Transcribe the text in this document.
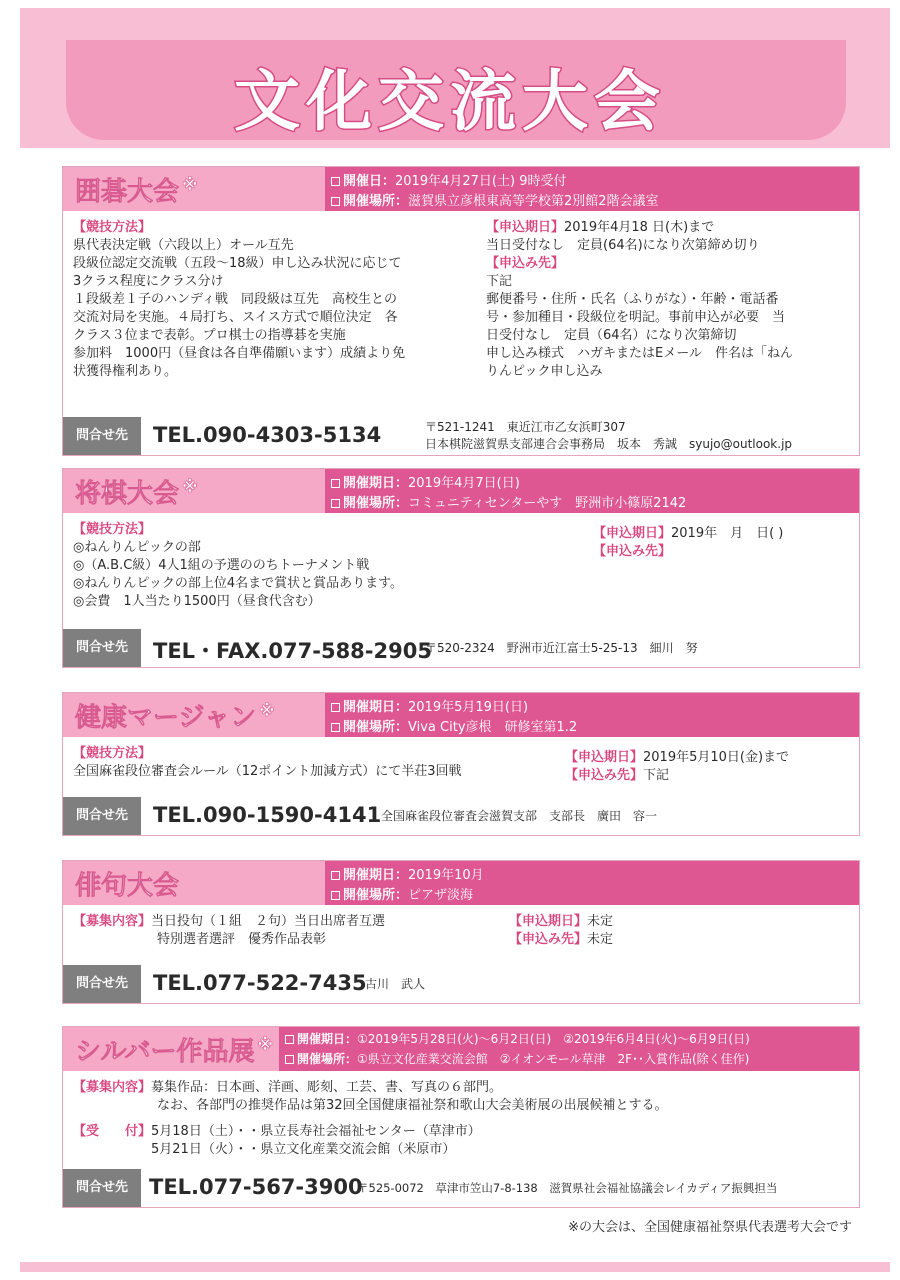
文化交流大会
囲碁大会 ※	開催日：2019年4月27日(土) 9時受付
開催場所：滋賀県立彦根東高等学校第2別館2階会議室
【競技方法】
県代表決定戦（六段以上）オール互先
段級位認定交流戦（五段〜18級）申し込み状況に応じて
3クラス程度にクラス分け
１段級差１子のハンディ戦　同段級は互先　高校生との
交流対局を実施。４局打ち、スイス方式で順位決定　各
クラス３位まで表彰。プロ棋士の指導碁を実施
参加料　1000円（昼食は各自準備願います）成績より免
状獲得権利あり。
【申込期日】2019年4月18 日(木)まで
当日受付なし　定員(64名)になり次第締め切り
【申込み先】
下記
郵便番号・住所・氏名（ふりがな）・年齢・電話番
号・参加種目・段級位を明記。事前申込が必要　当
日受付なし　定員（64名）になり次第締切
申し込み様式　ハガキまたはEメール　件名は「ねん
りんピック申し込み
問合せ先	TEL.090-4303-5134	〒521-1241　東近江市乙女浜町307
日本棋院滋賀県支部連合会事務局　坂本　秀誠　syujo@outlook.jp
将棋大会 ※	開催期日：2019年4月7日(日)
開催場所：コミュニティセンターやす　野洲市小篠原2142
【競技方法】
◎ねんりんピックの部
◎（A.B.C級）4人1組の予選ののちトーナメント戦
◎ねんりんピックの部上位4名まで賞状と賞品あります。
◎会費　1人当たり1500円（昼食代含む）
【申込期日】2019年　月　日( )
【申込み先】
問合せ先	TEL・FAX.077-588-2905
〒520-2324　野洲市近江富士5-25-13　細川　努
健康マージャン ※	開催期日：2019年5月19日(日)
開催場所：Viva City彦根　研修室第1.2
【競技方法】
全国麻雀段位審査会ルール（12ポイント加減方式）にて半荘3回戦
【申込期日】2019年5月10日(金)まで
【申込み先】下記
問合せ先	TEL.090-1590-4141 全国麻雀段位審査会滋賀支部　支部長　廣田　容一
俳句大会	開催期日：2019年10月
開催場所：ピアザ淡海
【募集内容】当日投句（１組　２句）当日出席者互選
特別選者選評　優秀作品表彰
【申込期日】未定
【申込み先】未定
問合せ先	TEL.077-522-7435
古川　武人
シルバー作品展 ※	開催期日：①2019年5月28日(火)〜6月2日(日)　②2019年6月4日(火)〜6月9日(日)
開催場所：①県立文化産業交流会館　②イオンモール草津　2F･･入賞作品(除く佳作)
【募集内容】募集作品：日本画、洋画、彫刻、工芸、書、写真の６部門。
なお、各部門の推奨作品は第32回全国健康福祉祭和歌山大会美術展の出展候補とする。
【受　　付】5月18日（土）・・県立長寿社会福祉センター（草津市）
5月21日（火）・・県立文化産業交流会館（米原市）
問合せ先	TEL.077-567-3900
〒525-0072　草津市笠山7-8-138　滋賀県社会福祉協議会レイカディア振興担当
※の大会は、全国健康福祉祭県代表選考大会です
